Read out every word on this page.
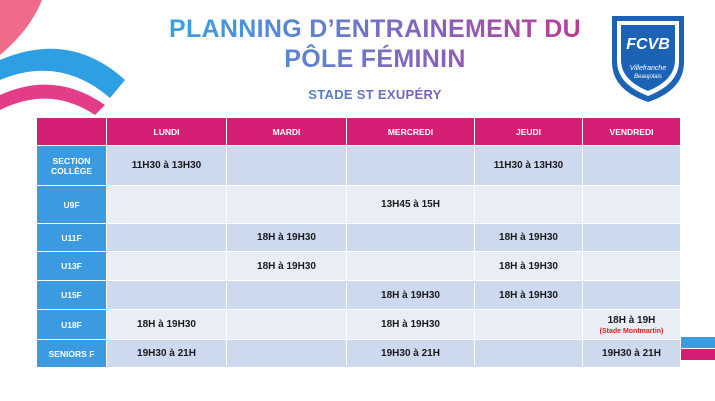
PLANNING D’ENTRAINEMENT DU
PÔLE FÉMININ
STADE ST EXUPÉRY
FCVB
Villefranche
Beaujolais
	LUNDI	MARDI	MERCREDI	JEUDI	VENDREDI

SECTION
COLLÈGE	11H30 à 13H30			11H30 à 13H30	
U9F			13H45 à 15H		
U11F		18H à 19H30		18H à 19H30	
U13F		18H à 19H30		18H à 19H30	
U15F			18H à 19H30	18H à 19H30	
U18F	18H à 19H30		18H à 19H30		18H à 19H
(Stade Montmartin)

SENIORS F	19H30 à 21H		19H30 à 21H		19H30 à 21H
